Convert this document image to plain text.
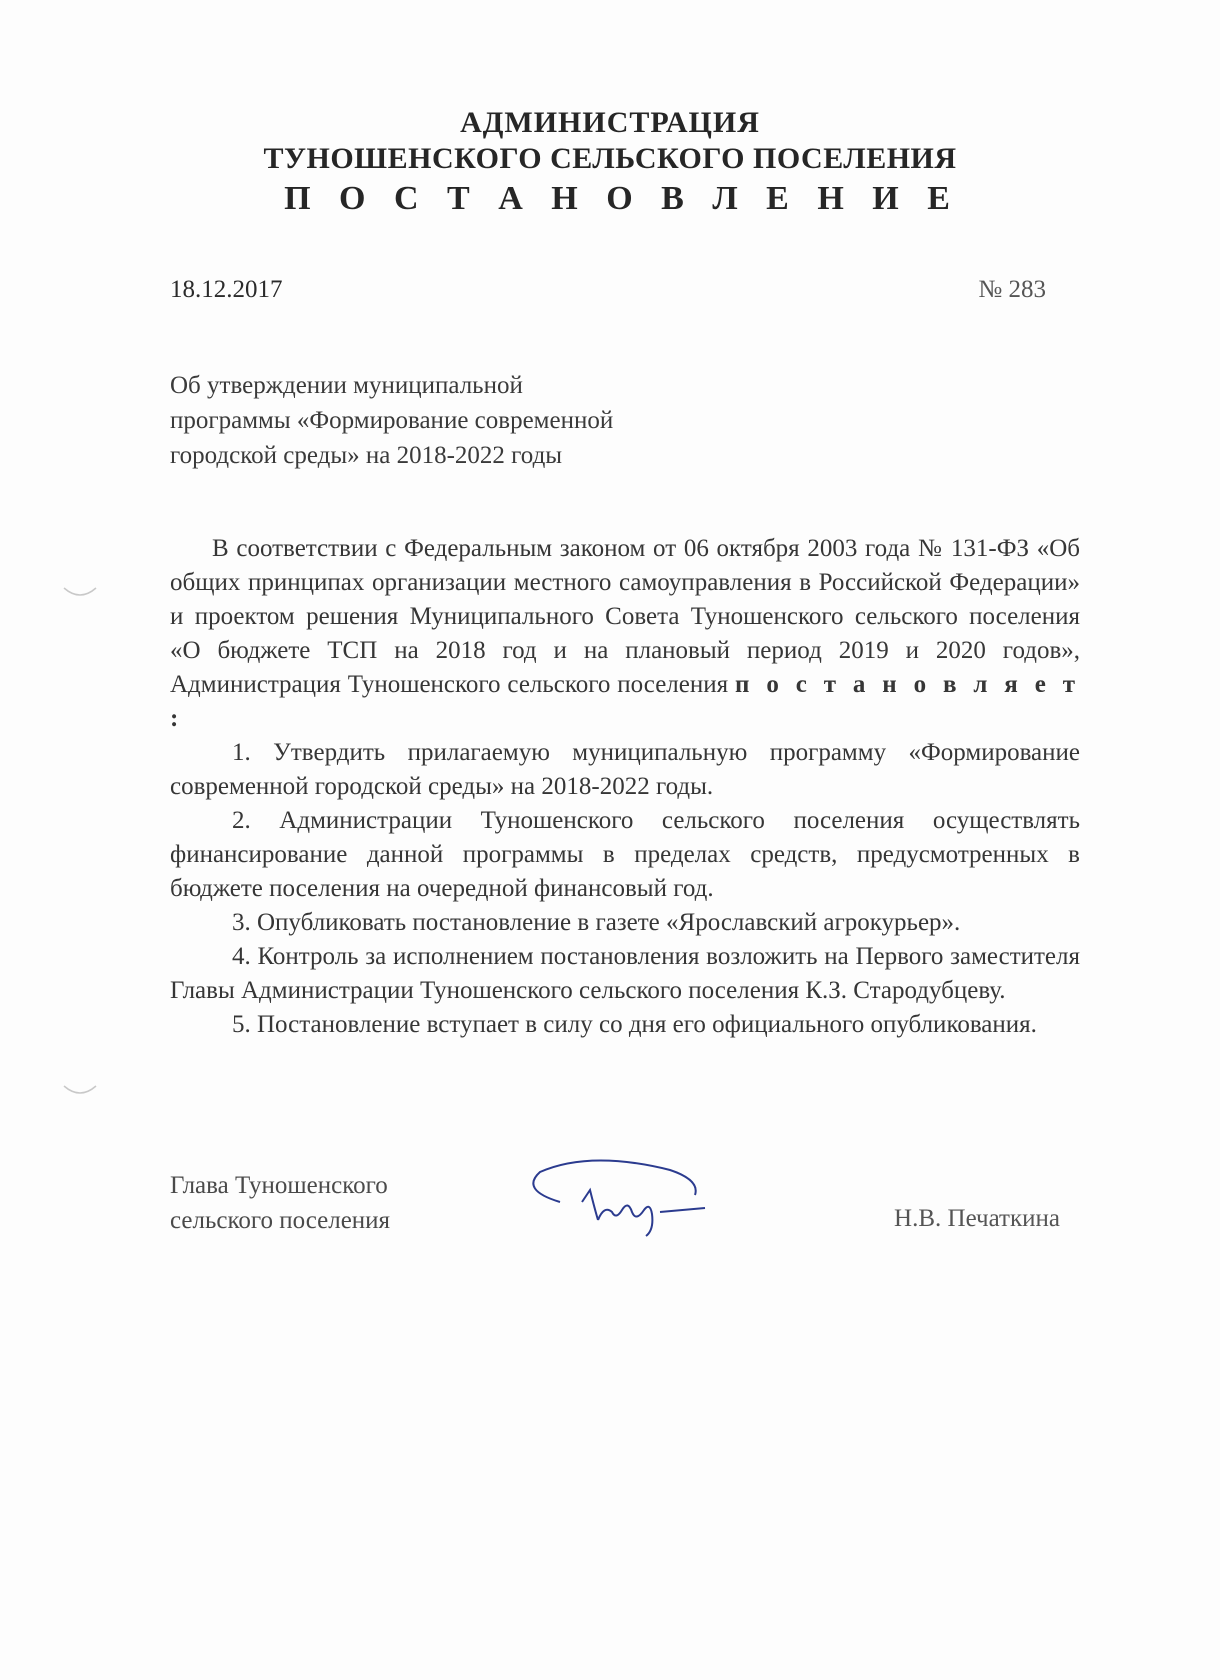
АДМИНИСТРАЦИЯ
ТУНОШЕНСКОГО СЕЛЬСКОГО ПОСЕЛЕНИЯ
П О С Т А Н О В Л Е Н И Е
18.12.2017	№ 283
Об утверждении муниципальной
программы «Формирование современной
городской среды» на 2018-2022 годы

В соответствии с Федеральным законом от 06 октября 2003 года № 131-ФЗ «Об общих принципах организации местного самоуправления в Российской Федерации» и проектом решения Муниципального Совета Туношенского сельского поселения «О бюджете ТСП на 2018 год и на плановый период 2019 и 2020 годов», Администрация Туношенского сельского поселения п о с т а н о в л я е т :

1. Утвердить прилагаемую муниципальную программу «Формирование современной городской среды» на 2018-2022 годы.

2. Администрации Туношенского сельского поселения осуществлять финансирование данной программы в пределах средств, предусмотренных в бюджете поселения на очередной финансовый год.

3. Опубликовать постановление в газете «Ярославский агрокурьер».

4. Контроль за исполнением постановления возложить на Первого заместителя Главы Администрации Туношенского сельского поселения К.З. Стародубцеву.

5. Постановление вступает в силу со дня его официального опубликования.

Глава Туношенского
сельского поселения	Н.В. Печаткина
